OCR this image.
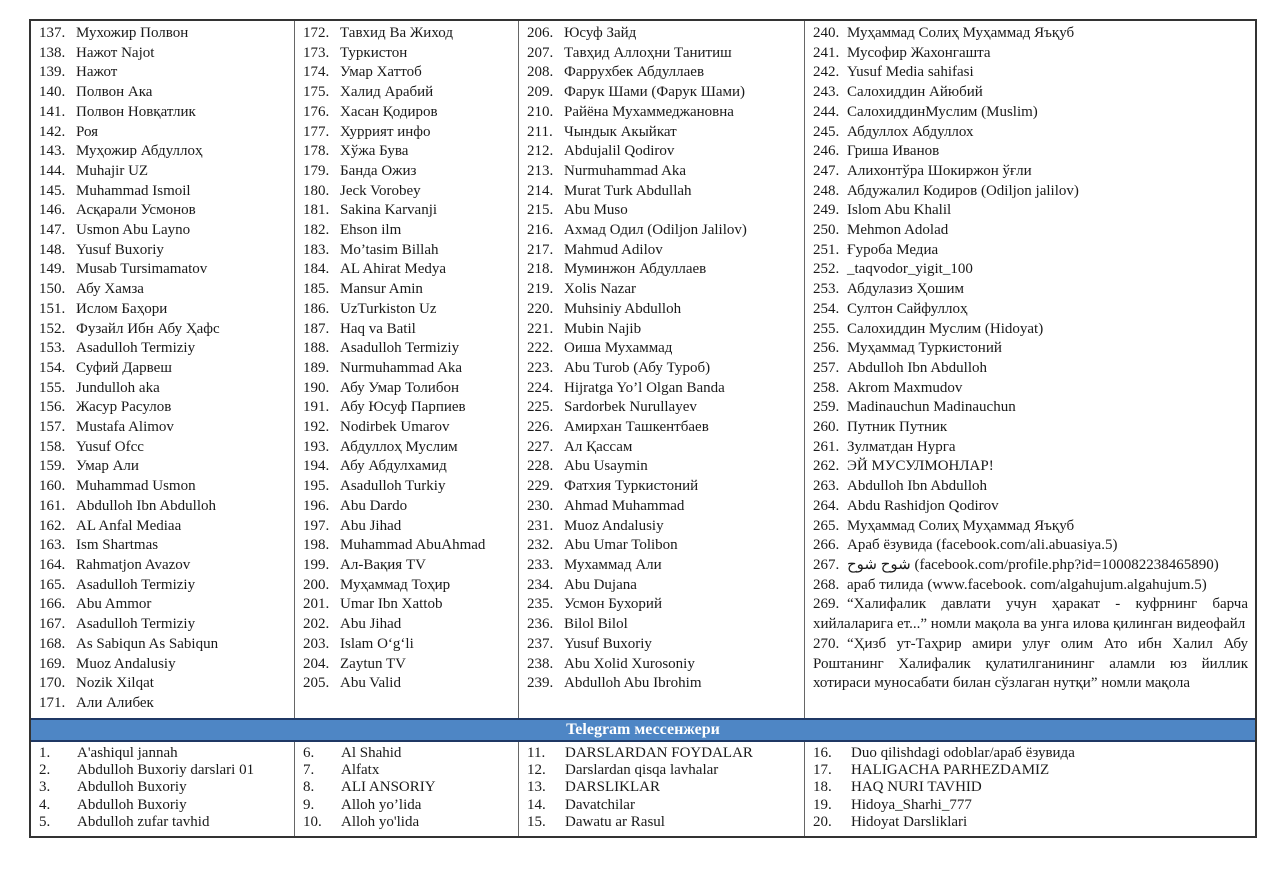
137. Мухожир Полвон
138. Нажот Najot
139. Нажот
140. Полвон Ака
141. Полвон Новқатлик
142. Роя
143. Муҳожир Абдуллоҳ
144. Muhajir UZ
145. Muhammad Ismoil
146. Асқарали Усмонов
147. Usmon Abu Layno
148. Yusuf Buxoriy
149. Musab Tursimamatov
150. Абу Хамза
151. Ислом Баҳори
152. Фузайл Ибн Абу Ҳафс
153. Asadulloh Termiziy
154. Суфий Дарвеш
155. Jundulloh aka
156. Жасур Расулов
157. Mustafa Alimov
158. Yusuf Ofcc
159. Умар Али
160. Muhammad Usmon
161. Abdulloh Ibn Abdulloh
162. AL Anfal Mediaa
163. Ism Shartmas
164. Rahmatjon Avazov
165. Asadulloh Termiziy
166. Abu Ammor
167. Asadulloh Termiziy
168. As Sabiqun As Sabiqun
169. Muoz Andalusiy
170. Nozik Xilqat
171. Али Алибек
172. Тавхид Ва Жиход
173. Туркистон
174. Умар Хаттоб
175. Халид Арабий
176. Хасан Қодиров
177. Хуррият инфо
178. Хўжа Бува
179. Банда Ожиз
180. Jeck Vorobey
181. Sakina Karvanji
182. Ehson ilm
183. Mo’tasim Billah
184. AL Ahirat Medya
185. Mansur Amin
186. UzTurkiston Uz
187. Haq va Batil
188. Asadulloh Termiziy
189. Nurmuhammad Aka
190. Абу Умар Толибон
191. Абу Юсуф Парпиев
192. Nodirbek Umarov
193. Абдуллоҳ Муслим
194. Абу Абдулхамид
195. Asadulloh Turkiy
196. Abu Dardo
197. Abu Jihad
198. Muhammad AbuAhmad
199. Ал-Вақия TV
200. Муҳаммад Тоҳир
201. Umar Ibn Xattob
202. Abu Jihad
203. Islam O‘g‘li
204. Zaytun TV
205. Abu Valid
206. Юсуф Зайд
207. Тавҳид Аллоҳни Танитиш
208. Фаррухбек Абдуллаев
209. Фарук Шами (Фарук Шами)
210. Райёна Мухаммеджановна
211. Чындык Акыйкат
212. Abdujalil Qodirov
213. Nurmuhammad Aka
214. Murat Turk Abdullah
215. Abu Muso
216. Ахмад Одил (Odiljon Jalilov)
217. Mahmud Adilov
218. Муминжон Абдуллаев
219. Xolis Nazar
220. Muhsiniy Abdulloh
221. Mubin Najib
222. Оиша Мухаммад
223. Abu Turob (Абу Туроб)
224. Hijratga Yo’l Olgan Banda
225. Sardorbek Nurullayev
226. Амирхан Ташкентбаев
227. Ал Қассам
228. Abu Usaymin
229. Фатхия Туркистоний
230. Ahmad Muhammad
231. Muoz Andalusiy
232. Abu Umar Tolibon
233. Мухаммад Али
234. Abu Dujana
235. Усмон Бухорий
236. Bilol Bilol
237. Yusuf Buxoriy
238. Abu Xolid Xurosoniy
239. Abdulloh Abu Ibrohim
240. Муҳаммад Солиҳ Муҳаммад Яъқуб
241. Мусофир Жахонгашта
242. Yusuf Media sahifasi
243. Салохиддин Айюбий
244. СалохиддинМуслим (Muslim)
245. Абдуллох Абдуллох
246. Гриша Иванов
247. Алихонтўра Шокиржон ўғли
248. Абдужалил Кодиров (Odiljon jalilov)
249. Islom Abu Khalil
250. Mehmon Adolad
251. Ғуроба Медиа
252. _taqvodor_yigit_100
253. Абдулазиз Ҳошим
254. Султон Сайфуллоҳ
255. Салохиддин Муслим (Hidoyat)
256. Муҳаммад Туркистоний
257. Abdulloh Ibn Abdulloh
258. Akrom Maxmudov
259. Madinauchun Madinauchun
260. Путник Путник
261. Зулматдан Нурга
262. ЭЙ МУСУЛМОНЛАР!
263. Abdulloh Ibn Abdulloh
264. Abdu Rashidjon Qodirov
265. Муҳаммад Солиҳ Муҳаммад Яъқуб
266. Араб ёзувида (facebook.com/ali.abuasiya.5)
267. شوح شوح (facebook.com/profile.php?id=100082238465890)
268. араб тилида (www.facebook. com/algahujum.algahujum.5)
269. “Халифалик давлати учун ҳаракат - куфрнинг барча хийлаларига ет...” номли мақола ва унга илова қилинган видеофайл
270. “Ҳизб ут-Таҳрир амири улуғ олим Ато ибн Халил Абу Роштанинг Халифалик қулатилганининг аламли юз йиллик хотираси муносабати билан сўзлаган нутқи” номли мақола
Telegram мессенжери
1. A'ashiqul jannah
2. Abdulloh Buxoriy darslari 01
3. Abdulloh Buxoriy
4. Abdulloh Buxoriy
5. Abdulloh zufar tavhid
6. Al Shahid
7. Alfatx
8. ALI ANSORIY
9. Alloh yo’lida
10. Alloh yo'lida
11. DARSLARDAN FOYDALAR
12. Darslardan qisqa lavhalar
13. DARSLIKLAR
14. Davatchilar
15. Dawatu ar Rasul
16. Duo qilishdagi odoblar/араб ёзувида
17. HALIGACHA PARHEZDAMIZ
18. HAQ NURI TAVHID
19. Hidoya_Sharhi_777
20. Hidoyat Darsliklari
